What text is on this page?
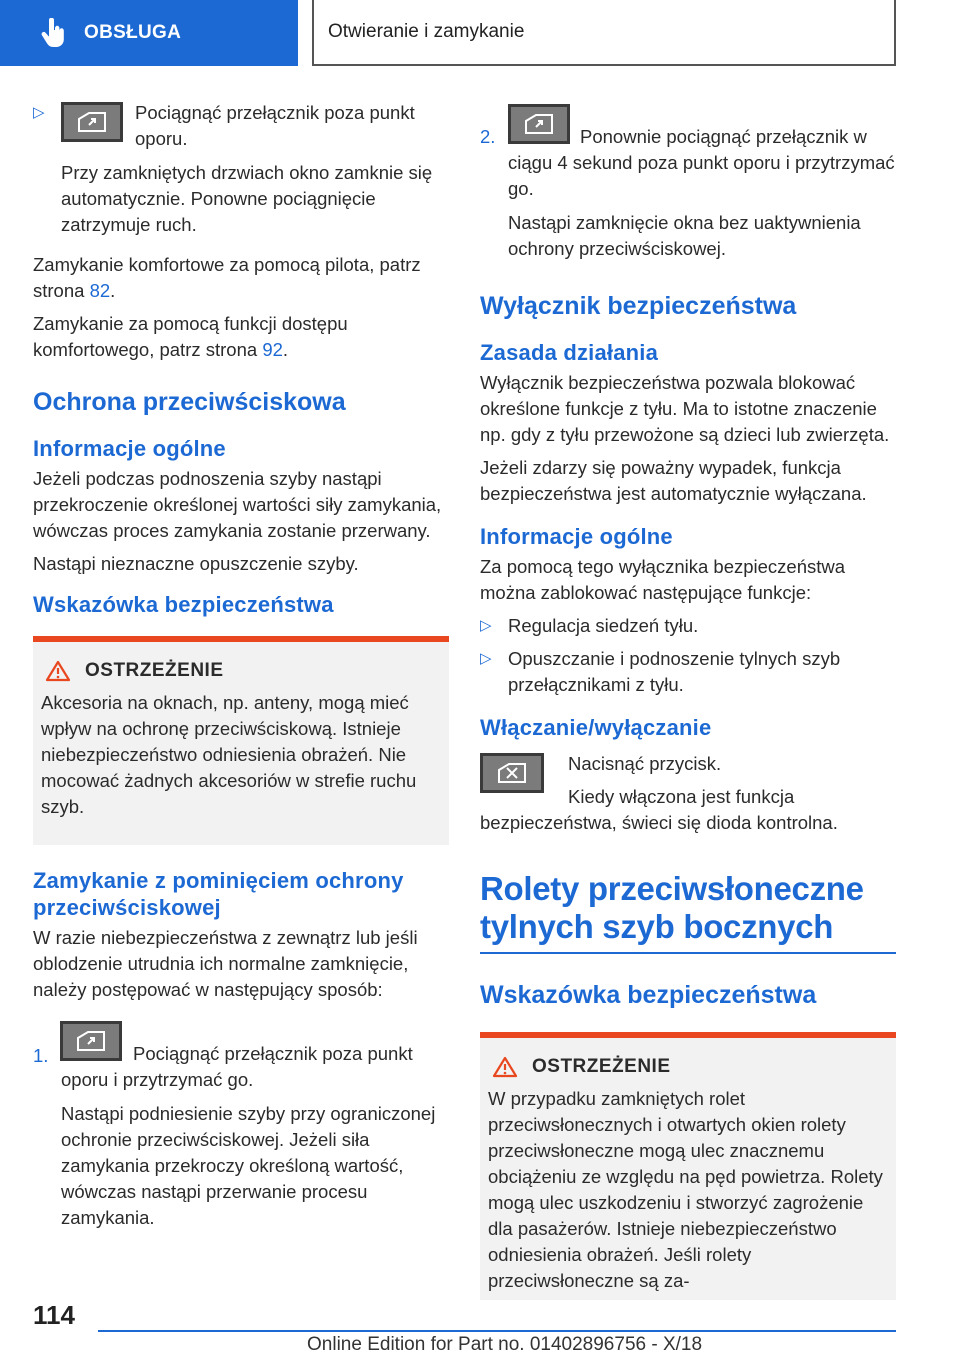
OBSŁUGA	Otwieranie i zamykanie
▷	Pociągnąć przełącznik poza punkt oporu.

Przy zamkniętych drzwiach okno zamknie się automatycznie. Ponowne pociągnięcie zatrzymuje ruch.

Zamykanie komfortowe za pomocą pilota, patrz strona 82.

Zamykanie za pomocą funkcji dostępu komfortowego, patrz strona 92.

Ochrona przeciwściskowa
Informacje ogólne

Jeżeli podczas podnoszenia szyby nastąpi przekroczenie określonej wartości siły zamykania, wówczas proces zamykania zostanie przerwany.

Nastąpi nieznaczne opuszczenie szyby.

Wskazówka bezpieczeństwa
OSTRZEŻENIE

Akcesoria na oknach, np. anteny, mogą mieć wpływ na ochronę przeciwściskową. Istnieje niebezpieczeństwo odniesienia obrażeń. Nie mocować żadnych akcesoriów w strefie ruchu szyb.

Zamykanie z pominięciem ochrony przeciwściskowej

W razie niebezpieczeństwa z zewnątrz lub jeśli oblodzenie utrudnia ich normalne zamknięcie, należy postępować w następujący sposób:

1.	Pociągnąć przełącznik poza punkt oporu i przytrzymać go.

Nastąpi podniesienie szyby przy ograniczonej ochronie przeciwściskowej. Jeżeli siła zamykania przekroczy określoną wartość, wówczas nastąpi przerwanie procesu zamykania.

2.	Ponownie pociągnąć przełącznik w ciągu 4 sekund poza punkt oporu i przytrzymać go.

Nastąpi zamknięcie okna bez uaktywnienia ochrony przeciwściskowej.

Wyłącznik bezpieczeństwa
Zasada działania

Wyłącznik bezpieczeństwa pozwala blokować określone funkcje z tyłu. Ma to istotne znaczenie np. gdy z tyłu przewożone są dzieci lub zwierzęta.

Jeżeli zdarzy się poważny wypadek, funkcja bezpieczeństwa jest automatycznie wyłączana.

Informacje ogólne

Za pomocą tego wyłącznika bezpieczeństwa można zablokować następujące funkcje:

▷ Regulacja siedzeń tyłu.
▷ Opuszczanie i podnoszenie tylnych szyb przełącznikami z tyłu.
Włączanie/wyłączanie

Nacisnąć przycisk.

Kiedy włączona jest funkcja bezpieczeństwa, świeci się dioda kontrolna.

Rolety przeciwsłoneczne tylnych szyb bocznych
Wskazówka bezpieczeństwa
OSTRZEŻENIE

W przypadku zamkniętych rolet przeciwsłonecznych i otwartych okien rolety przeciwsłoneczne mogą ulec znacznemu obciążeniu ze względu na pęd powietrza. Rolety mogą ulec uszkodzeniu i stworzyć zagrożenie dla pasażerów. Istnieje niebezpieczeństwo odniesienia obrażeń. Jeśli rolety przeciwsłoneczne są za-

114
Online Edition for Part no. 01402896756 - X/18
